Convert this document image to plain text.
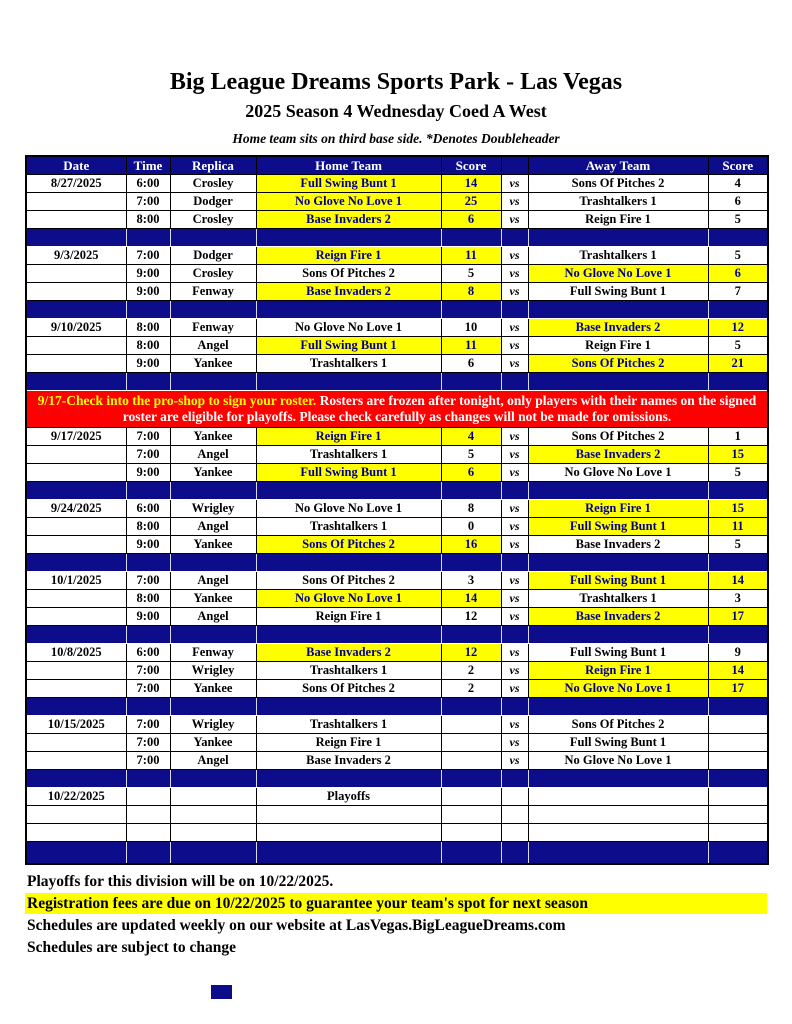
Big League Dreams Sports Park - Las Vegas
2025 Season 4 Wednesday Coed A West
Home team sits on third base side. *Denotes Doubleheader
Date	Time	Replica	Home Team	Score		Away Team	Score
8/27/2025	6:00	Crosley	Full Swing Bunt 1	14	vs	Sons Of Pitches 2	4
	7:00	Dodger	No Glove No Love 1	25	vs	Trashtalkers 1	6
	8:00	Crosley	Base Invaders 2	6	vs	Reign Fire 1	5

9/3/2025	7:00	Dodger	Reign Fire 1	11	vs	Trashtalkers 1	5
	9:00	Crosley	Sons Of Pitches 2	5	vs	No Glove No Love 1	6
	9:00	Fenway	Base Invaders 2	8	vs	Full Swing Bunt 1	7

9/10/2025	8:00	Fenway	No Glove No Love 1	10	vs	Base Invaders 2	12
	8:00	Angel	Full Swing Bunt 1	11	vs	Reign Fire 1	5
	9:00	Yankee	Trashtalkers 1	6	vs	Sons Of Pitches 2	21

9/17-Check into the pro-shop to sign your roster. Rosters are frozen after tonight, only players with their names on the signed roster are eligible for playoffs. Please check carefully as changes will not be made for omissions.							
9/17/2025	7:00	Yankee	Reign Fire 1	4	vs	Sons Of Pitches 2	1
	7:00	Angel	Trashtalkers 1	5	vs	Base Invaders 2	15
	9:00	Yankee	Full Swing Bunt 1	6	vs	No Glove No Love 1	5

9/24/2025	6:00	Wrigley	No Glove No Love 1	8	vs	Reign Fire 1	15
	8:00	Angel	Trashtalkers 1	0	vs	Full Swing Bunt 1	11
	9:00	Yankee	Sons Of Pitches 2	16	vs	Base Invaders 2	5

10/1/2025	7:00	Angel	Sons Of Pitches 2	3	vs	Full Swing Bunt 1	14
	8:00	Yankee	No Glove No Love 1	14	vs	Trashtalkers 1	3
	9:00	Angel	Reign Fire 1	12	vs	Base Invaders 2	17

10/8/2025	6:00	Fenway	Base Invaders 2	12	vs	Full Swing Bunt 1	9
	7:00	Wrigley	Trashtalkers 1	2	vs	Reign Fire 1	14
	7:00	Yankee	Sons Of Pitches 2	2	vs	No Glove No Love 1	17

10/15/2025	7:00	Wrigley	Trashtalkers 1		vs	Sons Of Pitches 2	
	7:00	Yankee	Reign Fire 1		vs	Full Swing Bunt 1	
	7:00	Angel	Base Invaders 2		vs	No Glove No Love 1	

10/22/2025			Playoffs				

Playoffs for this division will be on 10/22/2025.
Registration fees are due on 10/22/2025 to guarantee your team's spot for next season
Schedules are updated weekly on our website at LasVegas.BigLeagueDreams.com
Schedules are subject to change
